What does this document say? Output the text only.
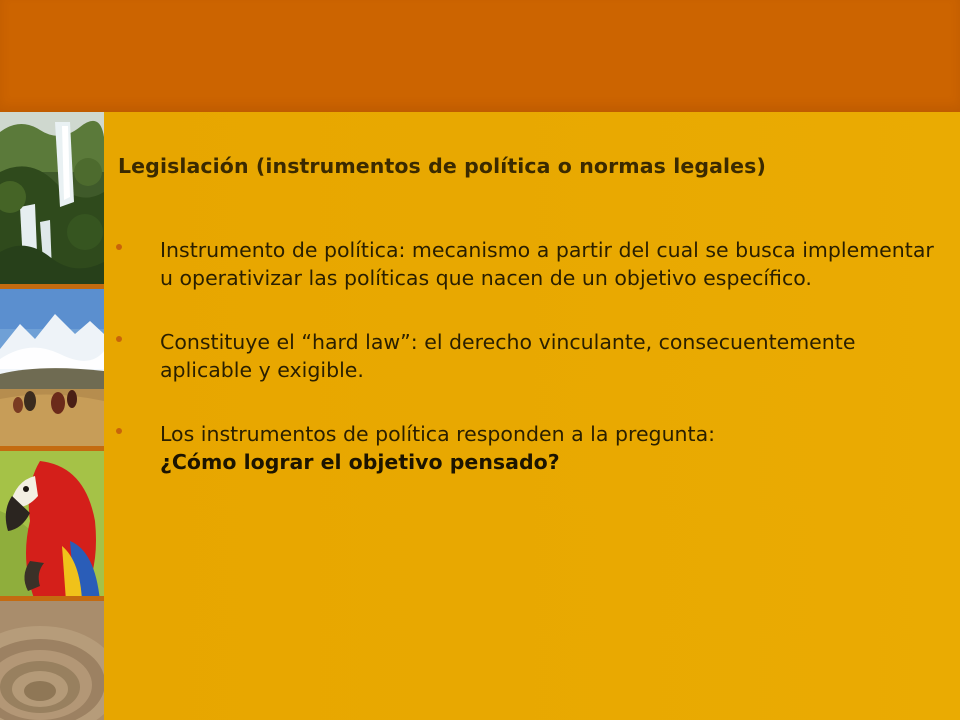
Legislación (instrumentos de política o normas legales)
Instrumento de política: mecanismo a partir del cual se busca implementar u operativizar las políticas que nacen de un objetivo específico.
Constituye el “hard law”: el derecho vinculante, consecuentemente aplicable y exigible.
Los instrumentos de política responden a la pregunta:
¿Cómo lograr el objetivo pensado?
